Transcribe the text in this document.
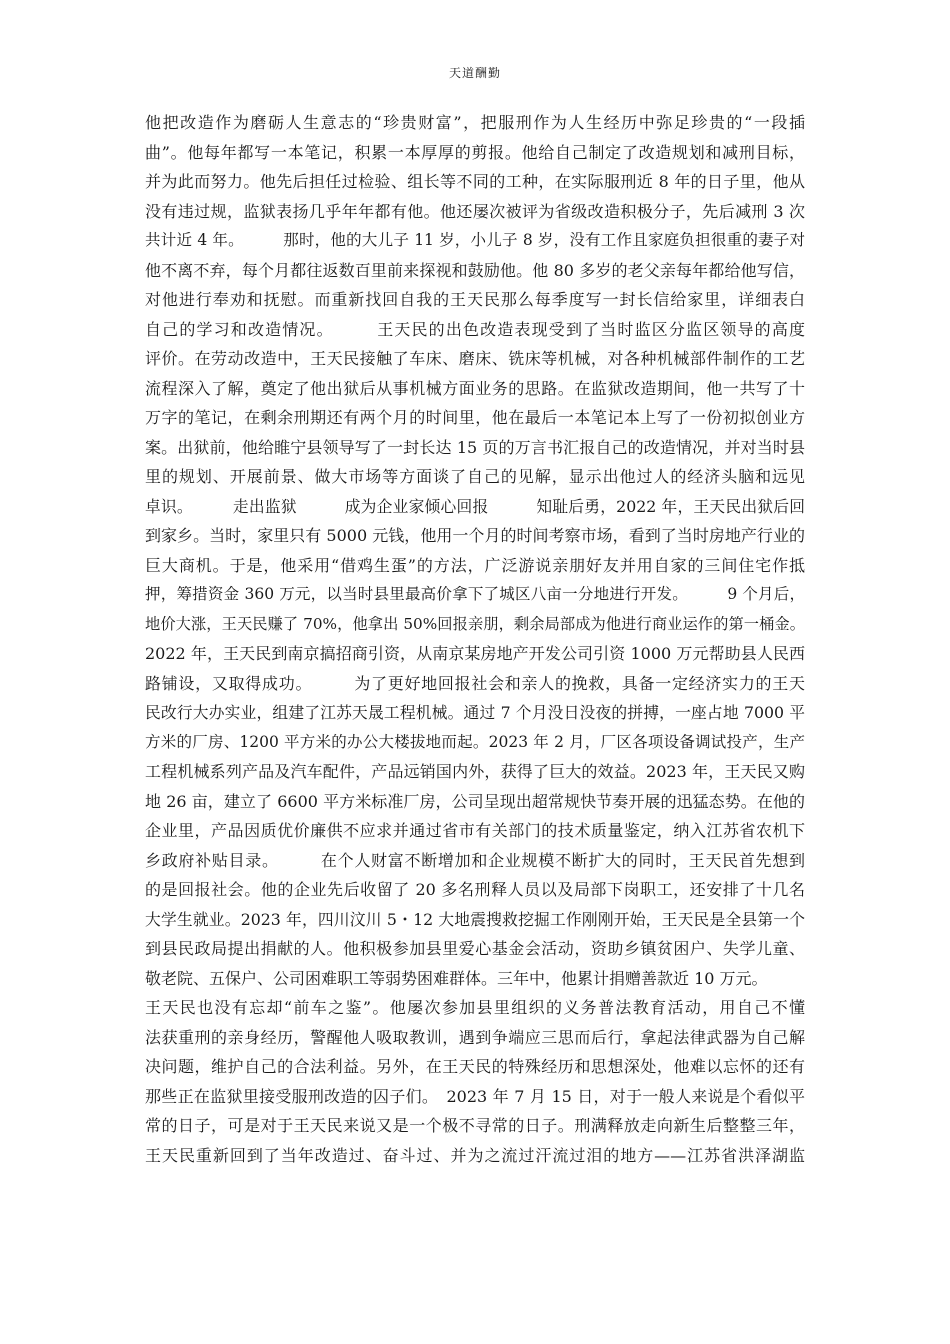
天道酬勤
他把改造作为磨砺人生意志的“珍贵财富”，把服刑作为人生经历中弥足珍贵的“一段插
曲”。他每年都写一本笔记，积累一本厚厚的剪报。他给自己制定了改造规划和减刑目标，
并为此而努力。他先后担任过检验、组长等不同的工种，在实际服刑近 8 年的日子里，他从
没有违过规，监狱表扬几乎年年都有他。他还屡次被评为省级改造积极分子，先后减刑 3 次
共计近 4 年。　　　那时，他的大儿子 11 岁，小儿子 8 岁，没有工作且家庭负担很重的妻子对
他不离不弃，每个月都往返数百里前来探视和鼓励他。他 80 多岁的老父亲每年都给他写信，
对他进行奉劝和抚慰。而重新找回自我的王天民那么每季度写一封长信给家里，详细表白
自己的学习和改造情况。　　　王天民的出色改造表现受到了当时监区分监区领导的高度
评价。在劳动改造中，王天民接触了车床、磨床、铣床等机械，对各种机械部件制作的工艺
流程深入了解，奠定了他出狱后从事机械方面业务的思路。在监狱改造期间，他一共写了十
万字的笔记，在剩余刑期还有两个月的时间里，他在最后一本笔记本上写了一份初拟创业方
案。出狱前，他给睢宁县领导写了一封长达 15 页的万言书汇报自己的改造情况，并对当时县
里的规划、开展前景、做大市场等方面谈了自己的见解，显示出他过人的经济头脑和远见
卓识。　　　走出监狱　　　成为企业家倾心回报　　　知耻后勇，2022 年，王天民出狱后回
到家乡。当时，家里只有 5000 元钱，他用一个月的时间考察市场，看到了当时房地产行业的
巨大商机。于是，他采用“借鸡生蛋”的方法，广泛游说亲朋好友并用自家的三间住宅作抵
押，筹措资金 360 万元，以当时县里最高价拿下了城区八亩一分地进行开发。　　　9 个月后，
地价大涨，王天民赚了 70%，他拿出 50%回报亲朋，剩余局部成为他进行商业运作的第一桶金。
2022 年，王天民到南京搞招商引资，从南京某房地产开发公司引资 1000 万元帮助县人民西
路铺设，又取得成功。　　　为了更好地回报社会和亲人的挽救，具备一定经济实力的王天
民改行大办实业，组建了江苏天晟工程机械。通过 7 个月没日没夜的拼搏，一座占地 7000 平
方米的厂房、1200 平方米的办公大楼拔地而起。2023 年 2 月，厂区各项设备调试投产，生产
工程机械系列产品及汽车配件，产品远销国内外，获得了巨大的效益。2023 年，王天民又购
地 26 亩，建立了 6600 平方米标准厂房，公司呈现出超常规快节奏开展的迅猛态势。在他的
企业里，产品因质优价廉供不应求并通过省市有关部门的技术质量鉴定，纳入江苏省农机下
乡政府补贴目录。　　　在个人财富不断增加和企业规模不断扩大的同时，王天民首先想到
的是回报社会。他的企业先后收留了 20 多名刑释人员以及局部下岗职工，还安排了十几名
大学生就业。2023 年，四川汶川 5・12 大地震搜救挖掘工作刚刚开始，王天民是全县第一个
到县民政局提出捐献的人。他积极参加县里爱心基金会活动，资助乡镇贫困户、失学儿童、
敬老院、五保户、公司困难职工等弱势困难群体。三年中，他累计捐赠善款近 10 万元。
王天民也没有忘却“前车之鉴”。他屡次参加县里组织的义务普法教育活动，用自己不懂
法获重刑的亲身经历，警醒他人吸取教训，遇到争端应三思而后行，拿起法律武器为自己解
决问题，维护自己的合法利益。另外，在王天民的特殊经历和思想深处，他难以忘怀的还有
那些正在监狱里接受服刑改造的囚子们。　2023 年 7 月 15 日，对于一般人来说是个看似平
常的日子，可是对于王天民来说又是一个极不寻常的日子。刑满释放走向新生后整整三年，
王天民重新回到了当年改造过、奋斗过、并为之流过汗流过泪的地方——江苏省洪泽湖监
